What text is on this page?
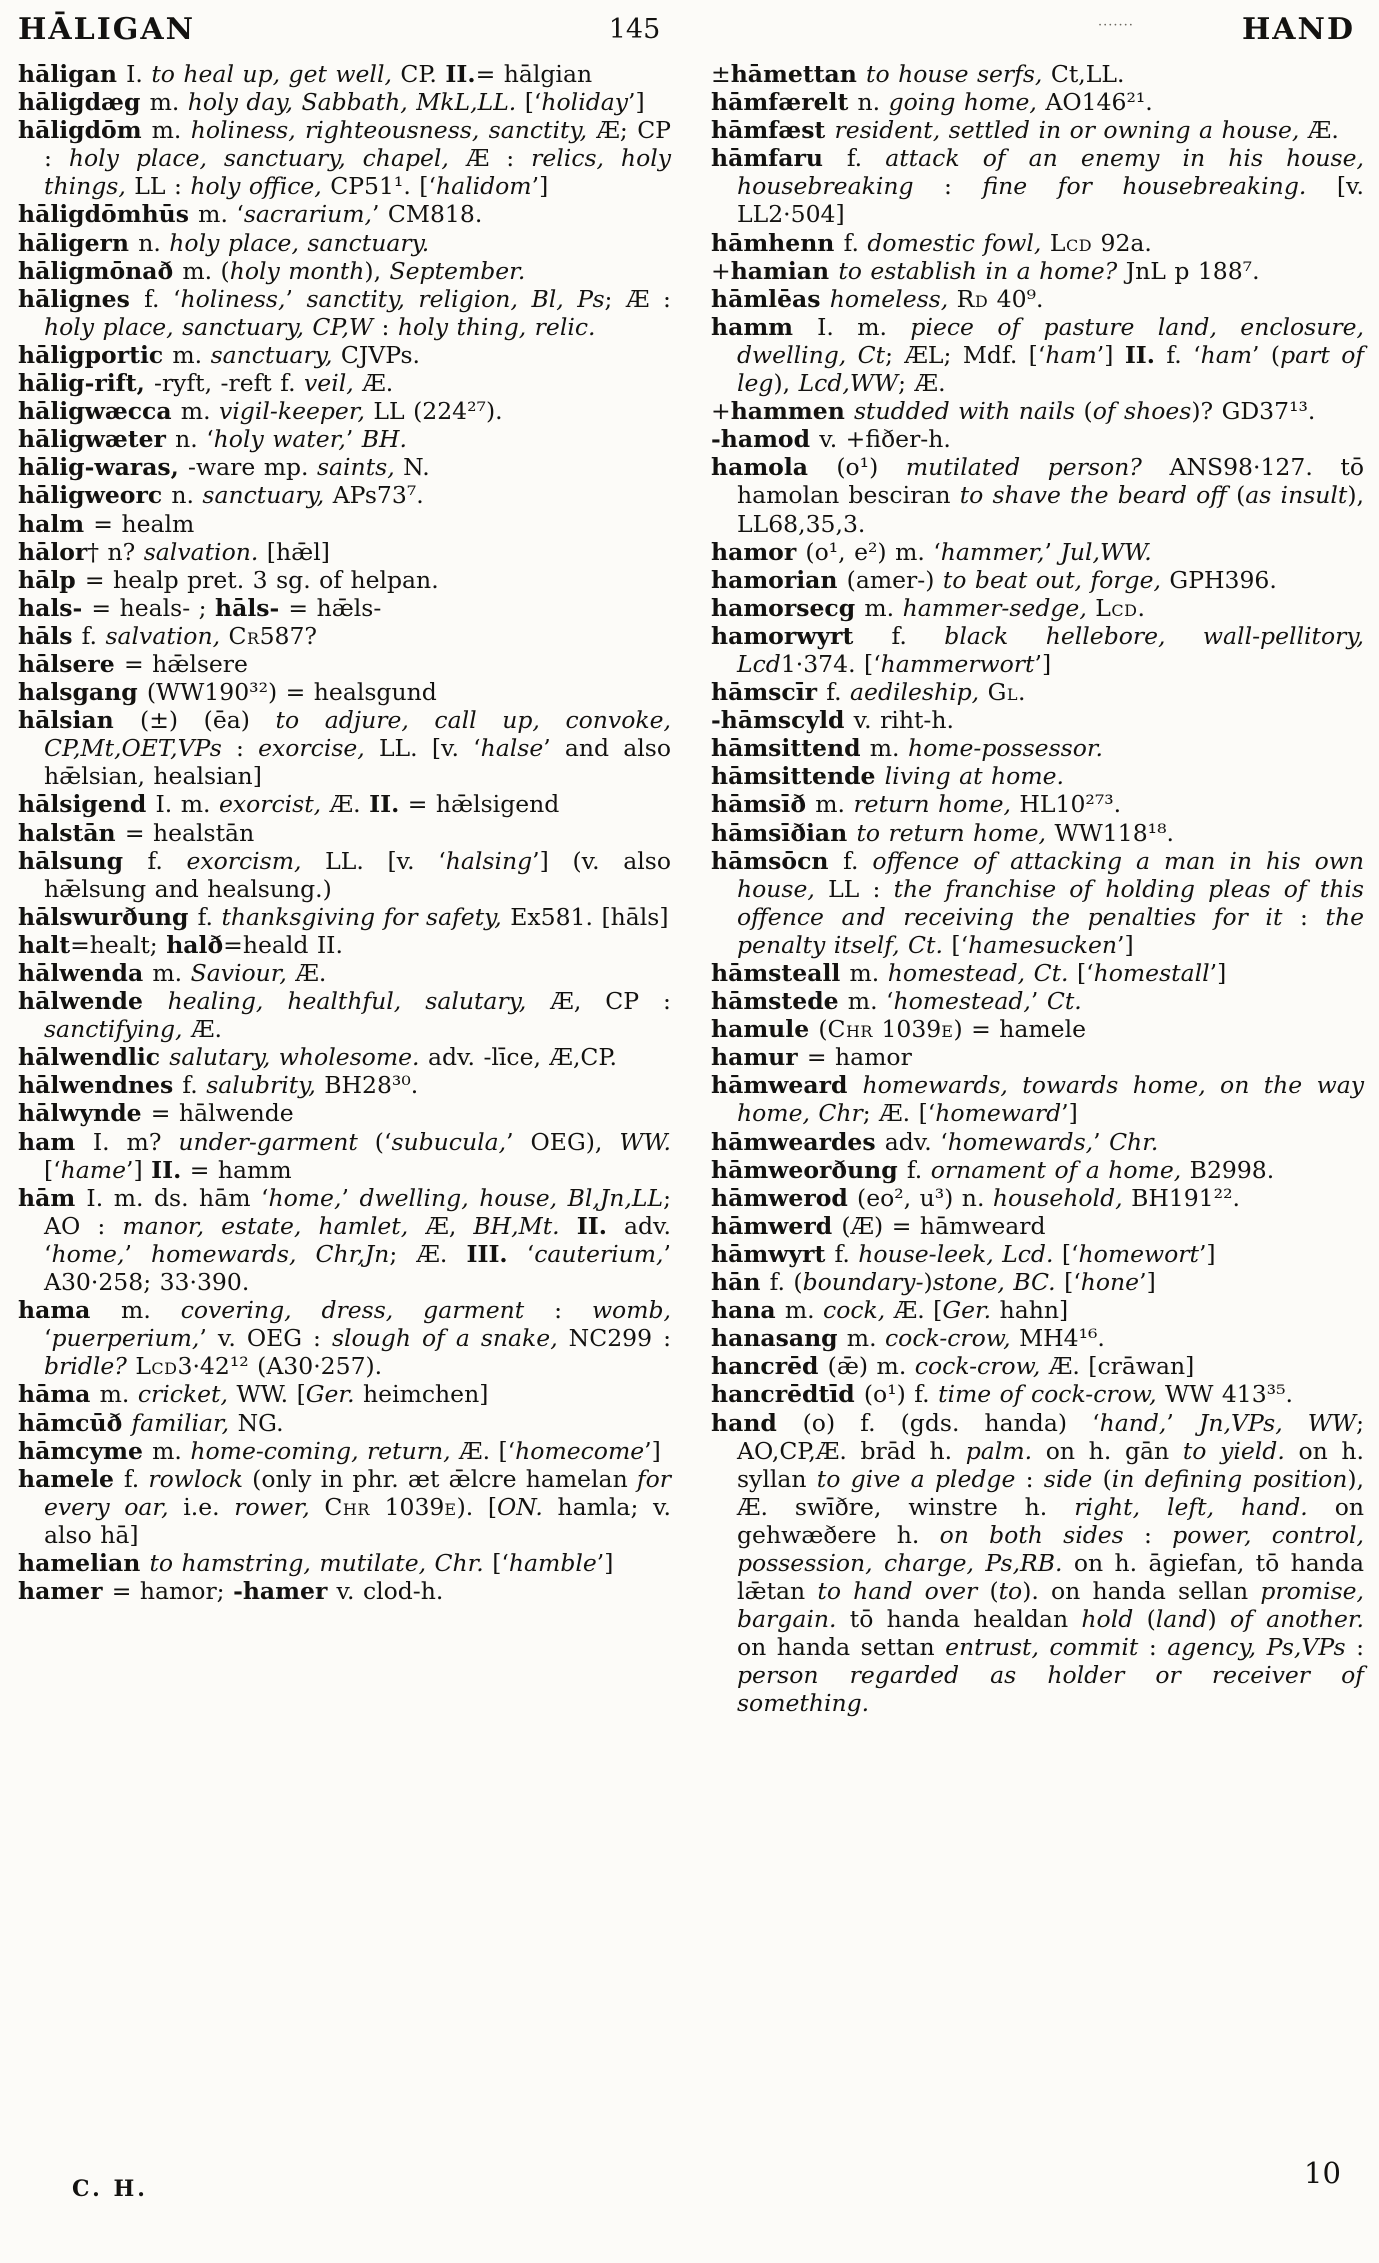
HĀLIGAN	145	HAND
·······

hāligan I. to heal up, get well, CP. II.= hālgian

hāligdæg m. holy day, Sabbath, MkL,LL. [‘holiday’]

hāligdōm m. holiness, righteousness, sanctity, Æ; CP : holy place, sanctuary, chapel, Æ : relics, holy things, LL : holy office, CP51¹. [‘halidom’]

hāligdōmhūs m. ‘sacrarium,’ CM818.

hāligern n. holy place, sanctuary.

hāligmōnað m. (holy month), September.

hālignes f. ‘holiness,’ sanctity, religion, Bl, Ps; Æ : holy place, sanctuary, CP,W : holy thing, relic.

hāligportic m. sanctuary, CJVPs.

hālig-rift, -ryft, -reft f. veil, Æ.

hāligwæcca m. vigil-keeper, LL (224²⁷).

hāligwæter n. ‘holy water,’ BH.

hālig-waras, -ware mp. saints, N.

hāligweorc n. sanctuary, APs73⁷.

halm = healm

hālor† n? salvation. [hǣl]

hālp = healp pret. 3 sg. of helpan.

hals- = heals- ; hāls- = hǣls-

hāls f. salvation, Cr587?

hālsere = hǣlsere

halsgang (WW190³²) = healsgund

hālsian (±) (ēa) to adjure, call up, convoke, CP,Mt,OET,VPs : exorcise, LL. [v. ‘halse’ and also hǣlsian, healsian]

hālsigend I. m. exorcist, Æ. II. = hǣlsigend

halstān = healstān

hālsung f. exorcism, LL. [v. ‘halsing’] (v. also hǣlsung and healsung.)

hālswurðung f. thanksgiving for safety, Ex581. [hāls]

halt=healt; halð=heald II.

hālwenda m. Saviour, Æ.

hālwende healing, healthful, salutary, Æ, CP : sanctifying, Æ.

hālwendlic salutary, wholesome. adv. -līce, Æ,CP.

hālwendnes f. salubrity, BH28³⁰.

hālwynde = hālwende

ham I. m? under-garment (‘subucula,’ OEG), WW. [‘hame’] II. = hamm

hām I. m. ds. hām ‘home,’ dwelling, house, Bl,Jn,LL; AO : manor, estate, hamlet, Æ, BH,Mt. II. adv. ‘home,’ homewards, Chr,Jn; Æ. III. ‘cauterium,’ A30·258; 33·390.

hama m. covering, dress, garment : womb, ‘puerperium,’ v. OEG : slough of a snake, NC299 : bridle? Lcd3·42¹² (A30·257).

hāma m. cricket, WW. [Ger. heimchen]

hāmcūð familiar, NG.

hāmcyme m. home-coming, return, Æ. [‘homecome’]

hamele f. rowlock (only in phr. æt ǣlcre hamelan for every oar, i.e. rower, Chr 1039e). [ON. hamla; v. also hā]

hamelian to hamstring, mutilate, Chr. [‘hamble’]

hamer = hamor; -hamer v. clod-h.

±hāmettan to house serfs, Ct,LL.

hāmfærelt n. going home, AO146²¹.

hāmfæst resident, settled in or owning a house, Æ.

hāmfaru f. attack of an enemy in his house, housebreaking : fine for housebreaking. [v. LL2·504]

hāmhenn f. domestic fowl, Lcd 92a.

+hamian to establish in a home? JnL p 188⁷.

hāmlēas homeless, Rd 40⁹.

hamm I. m. piece of pasture land, enclosure, dwelling, Ct; ÆL; Mdf. [‘ham’] II. f. ‘ham’ (part of leg), Lcd,WW; Æ.

+hammen studded with nails (of shoes)? GD37¹³.

-hamod v. +fiðer-h.

hamola (o¹) mutilated person? ANS98·127. tō hamolan besciran to shave the beard off (as insult), LL68,35,3.

hamor (o¹, e²) m. ‘hammer,’ Jul,WW.

hamorian (amer-) to beat out, forge, GPH396.

hamorsecg m. hammer-sedge, Lcd.

hamorwyrt f. black hellebore, wall-pellitory, Lcd1·374. [‘hammerwort’]

hāmscīr f. aedileship, Gl.

-hāmscyld v. riht-h.

hāmsittend m. home-possessor.

hāmsittende living at home.

hāmsīð m. return home, HL10²⁷³.

hāmsīðian to return home, WW118¹⁸.

hāmsōcn f. offence of attacking a man in his own house, LL : the franchise of holding pleas of this offence and receiving the penalties for it : the penalty itself, Ct. [‘hamesucken’]

hāmsteall m. homestead, Ct. [‘homestall’]

hāmstede m. ‘homestead,’ Ct.

hamule (Chr 1039e) = hamele

hamur = hamor

hāmweard homewards, towards home, on the way home, Chr; Æ. [‘homeward’]

hāmweardes adv. ‘homewards,’ Chr.

hāmweorðung f. ornament of a home, B2998.

hāmwerod (eo², u³) n. household, BH191²².

hāmwerd (Æ) = hāmweard

hāmwyrt f. house-leek, Lcd. [‘homewort’]

hān f. (boundary-)stone, BC. [‘hone’]

hana m. cock, Æ. [Ger. hahn]

hanasang m. cock-crow, MH4¹⁶.

hancrēd (ǣ) m. cock-crow, Æ. [crāwan]

hancrēdtīd (o¹) f. time of cock-crow, WW 413³⁵.

hand (o) f. (gds. handa) ‘hand,’ Jn,VPs, WW; AO,CP,Æ. brād h. palm. on h. gān to yield. on h. syllan to give a pledge : side (in defining position), Æ. swīðre, winstre h. right, left, hand. on gehwæðere h. on both sides : power, control, possession, charge, Ps,RB. on h. āgiefan, tō handa lǣtan to hand over (to). on handa sellan promise, bargain. tō handa healdan hold (land) of another. on handa settan entrust, commit : agency, Ps,VPs : person regarded as holder or receiver of something.

C. H.	10
